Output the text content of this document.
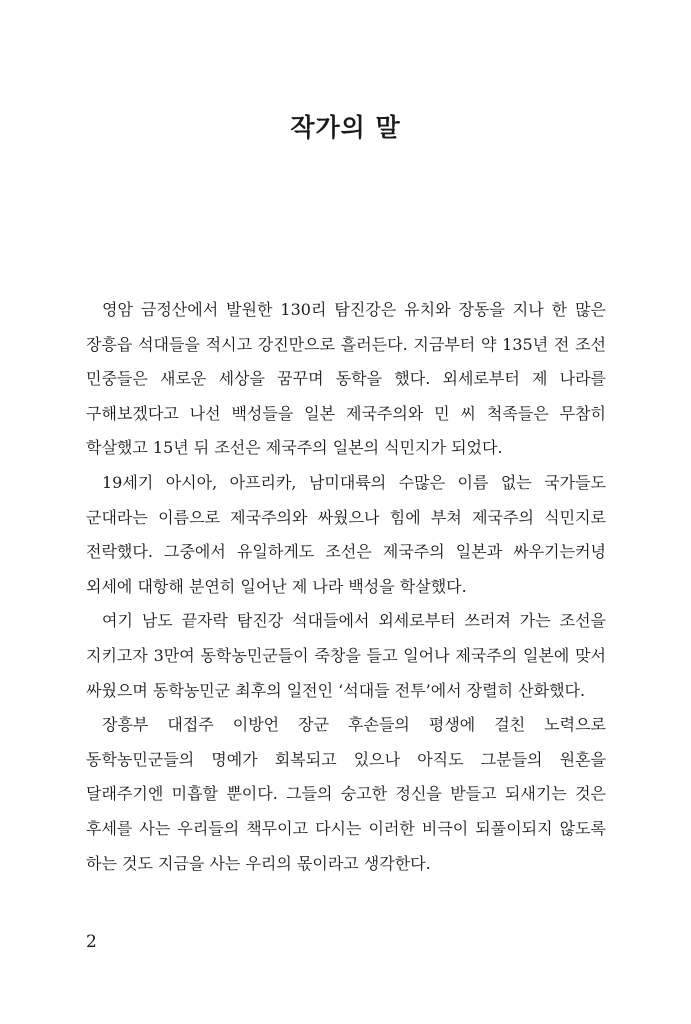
작가의 말

영암 금정산에서 발원한 130리 탐진강은 유치와 장동을 지나 한 많은 장흥읍 석대들을 적시고 강진만으로 흘러든다. 지금부터 약 135년 전 조선 민중들은 새로운 세상을 꿈꾸며 동학을 했다. 외세로부터 제 나라를 구해보겠다고 나선 백성들을 일본 제국주의와 민 씨 척족들은 무참히 학살했고 15년 뒤 조선은 제국주의 일본의 식민지가 되었다.

19세기 아시아, 아프리카, 남미대륙의 수많은 이름 없는 국가들도 군대라는 이름으로 제국주의와 싸웠으나 힘에 부쳐 제국주의 식민지로 전락했다. 그중에서 유일하게도 조선은 제국주의 일본과 싸우기는커녕 외세에 대항해 분연히 일어난 제 나라 백성을 학살했다.

여기 남도 끝자락 탐진강 석대들에서 외세로부터 쓰러져 가는 조선을 지키고자 3만여 동학농민군들이 죽창을 들고 일어나 제국주의 일본에 맞서 싸웠으며 동학농민군 최후의 일전인 ‘석대들 전투’에서 장렬히 산화했다.

장흥부 대접주 이방언 장군 후손들의 평생에 걸친 노력으로 동학농민군들의 명예가 회복되고 있으나 아직도 그분들의 원혼을 달래주기엔 미흡할 뿐이다. 그들의 숭고한 정신을 받들고 되새기는 것은 후세를 사는 우리들의 책무이고 다시는 이러한 비극이 되풀이되지 않도록 하는 것도 지금을 사는 우리의 몫이라고 생각한다.

2
